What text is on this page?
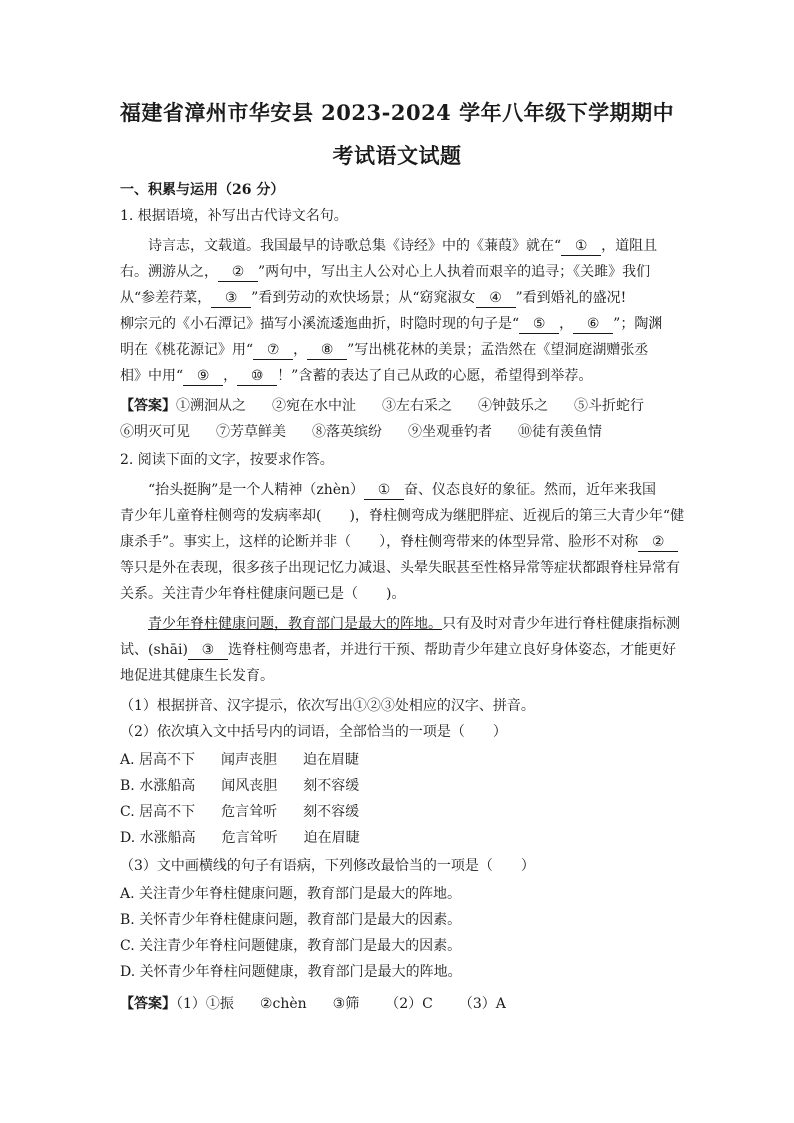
福建省漳州市华安县 2023-2024 学年八年级下学期期中
考试语文试题
一、积累与运用（26 分）
1. 根据语境，补写出古代诗文名句。
诗言志，文载道。我国最早的诗歌总集《诗经》中的《蒹葭》就在“ ① ，道阻且
右。溯游从之， ② ”两句中，写出主人公对心上人执着而艰辛的追寻；《关雎》我们
从“参差荇菜， ③ ”看到劳动的欢快场景；从“窈窕淑女 ④ ”看到婚礼的盛况!
柳宗元的《小石潭记》描写小溪流逶迤曲折，时隐时现的句子是“ ⑤ ， ⑥ ”；陶渊
明在《桃花源记》用“ ⑦ ， ⑧ ”写出桃花林的美景；孟浩然在《望洞庭湖赠张丞
相》中用“ ⑨ ， ⑩ ！”含蓄的表达了自己从政的心愿，希望得到举荐。
【答案】①溯洄从之 ②宛在水中沚 ③左右采之 ④钟鼓乐之 ⑤斗折蛇行
⑥明灭可见 ⑦芳草鲜美 ⑧落英缤纷 ⑨坐观垂钓者 ⑩徒有羡鱼情
2. 阅读下面的文字，按要求作答。
“抬头挺胸”是一个人精神（zhèn） ① 奋、仪态良好的象征。然而，近年来我国
青少年儿童脊柱侧弯的发病率却(　　)，脊柱侧弯成为继肥胖症、近视后的第三大青少年“健
康杀手”。事实上，这样的论断并非（　　），脊柱侧弯带来的体型异常、脸形不对称 ②
等只是外在表现，很多孩子出现记忆力减退、头晕失眠甚至性格异常等症状都跟脊柱异常有
关系。关注青少年脊柱健康问题已是（　　)。
青少年脊柱健康问题，教育部门是最大的阵地。只有及时对青少年进行脊柱健康指标测
试、(shāi) ③ 选脊柱侧弯患者，并进行干预、帮助青少年建立良好身体姿态，才能更好
地促进其健康生长发育。
（1）根据拼音、汉字提示，依次写出①②③处相应的汉字、拼音。
（2）依次填入文中括号内的词语，全部恰当的一项是（　　）
A. 居高不下 闻声丧胆 迫在眉睫
B. 水涨船高 闻风丧胆 刻不容缓
C. 居高不下 危言耸听 刻不容缓
D. 水涨船高 危言耸听 迫在眉睫
（3）文中画横线的句子有语病，下列修改最恰当的一项是（　　）
A. 关注青少年脊柱健康问题，教育部门是最大的阵地。
B. 关怀青少年脊柱健康问题，教育部门是最大的因素。
C. 关注青少年脊柱问题健康，教育部门是最大的因素。
D. 关怀青少年脊柱问题健康，教育部门是最大的阵地。
【答案】（1）①振 ②chèn ③筛 （2）C （3）A
